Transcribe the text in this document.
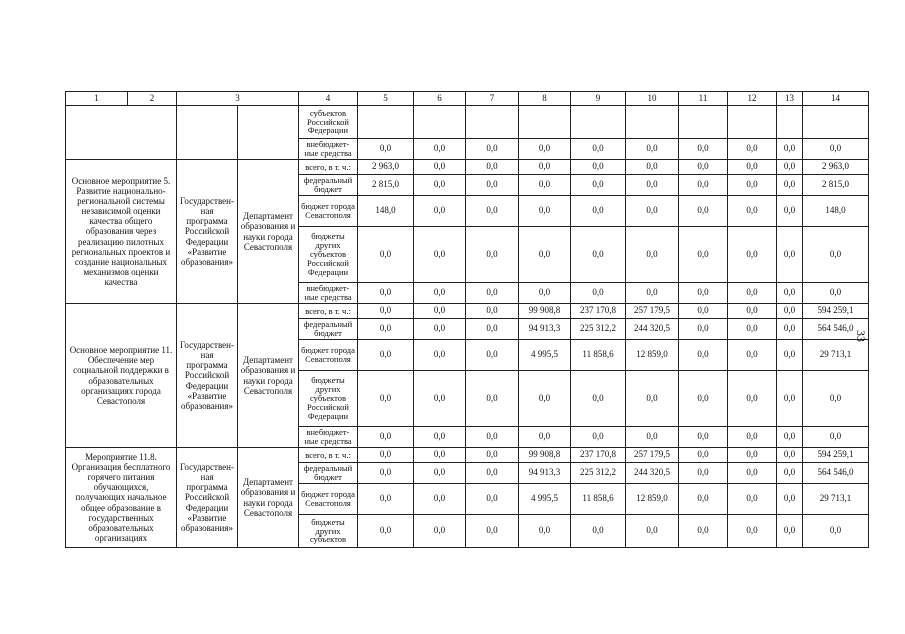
1	2	3		4	5	6	7	8	9	10	11	12	13	14
				субъектов Российской Федерации										
				внебюджет-ные средства	0,0	0,0	0,0	0,0	0,0	0,0	0,0	0,0	0,0	0,0
Основное мероприятие 5. Развитие национально-региональной системы независимой оценки качества общего образования через реализацию пилотных региональных проектов и создание национальных механизмов оценки качества		Государствен-ная программа Российской Федерации «Развитие образования»	Департамент образования и науки города Севастополя	всего, в т. ч.:	2 963,0	0,0	0,0	0,0	0,0	0,0	0,0	0,0	0,0	2 963,0
				федеральный бюджет	2 815,0	0,0	0,0	0,0	0,0	0,0	0,0	0,0	0,0	2 815,0
				бюджет города Севастополя	148,0	0,0	0,0	0,0	0,0	0,0	0,0	0,0	0,0	148,0
				бюджеты других субъектов Российской Федерации	0,0	0,0	0,0	0,0	0,0	0,0	0,0	0,0	0,0	0,0
				внебюджет-ные средства	0,0	0,0	0,0	0,0	0,0	0,0	0,0	0,0	0,0	0,0
Основное мероприятие 11. Обеспечение мер социальной поддержки в образовательных организациях города Севастополя		Государствен-ная программа Российской Федерации «Развитие образования»	Департамент образования и науки города Севастополя	всего, в т. ч.:	0,0	0,0	0,0	99 908,8	237 170,8	257 179,5	0,0	0,0	0,0	594 259,1
				федеральный бюджет	0,0	0,0	0,0	94 913,3	225 312,2	244 320,5	0,0	0,0	0,0	564 546,0
				бюджет города Севастополя	0,0	0,0	0,0	4 995,5	11 858,6	12 859,0	0,0	0,0	0,0	29 713,1
				бюджеты других субъектов Российской Федерации	0,0	0,0	0,0	0,0	0,0	0,0	0,0	0,0	0,0	0,0
				внебюджет-ные средства	0,0	0,0	0,0	0,0	0,0	0,0	0,0	0,0	0,0	0,0
Мероприятие 11.8. Организация бесплатного горячего питания обучающихся, получающих начальное общее образование в государственных образовательных организациях		Государствен-ная программа Российской Федерации «Развитие образования»	Департамент образования и науки города Севастополя	всего, в т. ч.:	0,0	0,0	0,0	99 908,8	237 170,8	257 179,5	0,0	0,0	0,0	594 259,1
				федеральный бюджет	0,0	0,0	0,0	94 913,3	225 312,2	244 320,5	0,0	0,0	0,0	564 546,0
				бюджет города Севастополя	0,0	0,0	0,0	4 995,5	11 858,6	12 859,0	0,0	0,0	0,0	29 713,1
				бюджеты других субъектов	0,0	0,0	0,0	0,0	0,0	0,0	0,0	0,0	0,0	0,0
33
